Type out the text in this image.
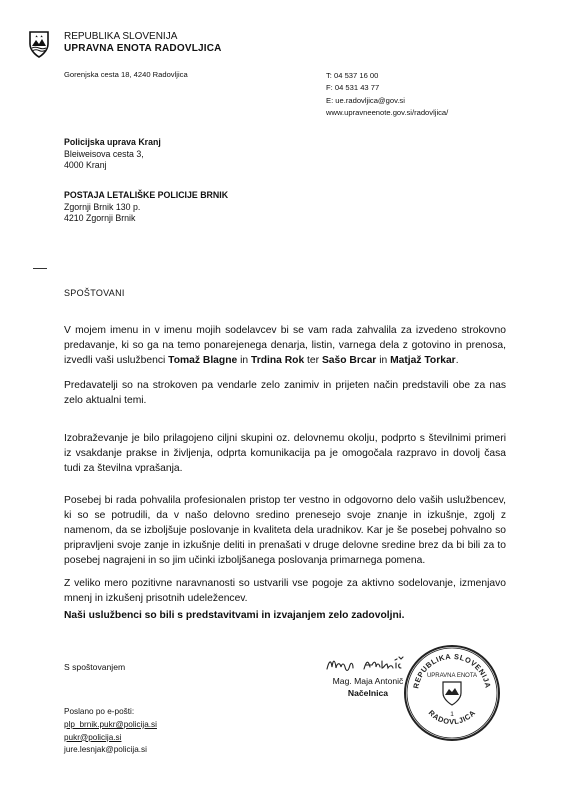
★ ★ REPUBLIKA SLOVENIJA
UPRAVNA ENOTA RADOVLJICA
Gorenjska cesta 18, 4240 Radovljica	T: 04 537 16 00
F: 04 531 43 77
E: ue.radovljica@gov.si
www.upravneenote.gov.si/radovljica/
Policijska uprava Kranj
Bleiweisova cesta 3,
4000 Kranj
POSTAJA LETALIŠKE POLICIJE BRNIK
Zgornji Brnik 130 p.
4210 Zgornji Brnik
SPOŠTOVANI
V mojem imenu in v imenu mojih sodelavcev bi se vam rada zahvalila za izvedeno strokovno predavanje, ki so ga na temo ponarejenega denarja, listin, varnega dela z gotovino in prenosa, izvedli vaši uslužbenci Tomaž Blagne in Trdina Rok ter Sašo Brcar in Matjaž Torkar.
Predavatelji so na strokoven pa vendarle zelo zanimiv in prijeten način predstavili obe za nas zelo aktualni temi.
Izobraževanje je bilo prilagojeno ciljni skupini oz. delovnemu okolju, podprto s številnimi primeri iz vsakdanje prakse in življenja, odprta komunikacija pa je omogočala razpravo in dovolj časa tudi za številna vprašanja.
Posebej bi rada pohvalila profesionalen pristop ter vestno in odgovorno delo vaših uslužbencev, ki so se potrudili, da v našo delovno sredino prenesejo svoje znanje in izkušnje, zgolj z namenom, da se izboljšuje poslovanje in kvaliteta dela uradnikov. Kar je še posebej pohvalno so pripravljeni svoje zanje in izkušnje deliti in prenašati v druge delovne sredine brez da bi bili za to posebej nagrajeni in so jim učinki izboljšanega poslovanja primarnega pomena.
Z veliko mero pozitivne naravnanosti so ustvarili vse pogoje za aktivno sodelovanje, izmenjavo mnenj in izkušenj prisotnih udeležencev.
Naši uslužbenci so bili s predstavitvami in izvajanjem zelo zadovoljni.
S spoštovanjem
Mag. Maja Antonič
Načelnica
REPUBLIKA SLOVENIJA
UPRAVNA ENOTA
1
RADOVLJICA
Poslano po e-pošti:
plp_brnik.pukr@policija.si
pukr@policija.si
jure.lesnjak@policija.si
